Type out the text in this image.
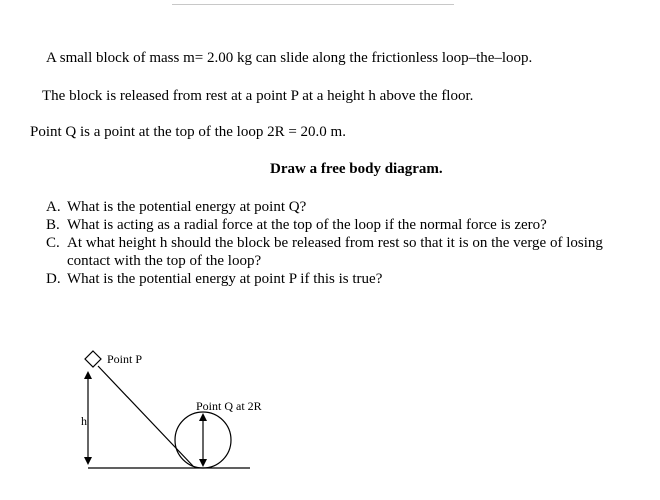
A small block of mass m= 2.00 kg can slide along the frictionless loop–the–loop.
The block is released from rest at a point P at a height h above the floor.
Point Q is a point at the top of the loop 2R = 20.0 m.
Draw a free body diagram.
A. What is the potential energy at point Q?
B. What is acting as a radial force at the top of the loop if the normal force is zero?
C. At what height h should the block be released from rest so that it is on the verge of losing contact with the top of the loop?
D. What is the potential energy at point P if this is true?
Point P
h
Point Q at 2R
